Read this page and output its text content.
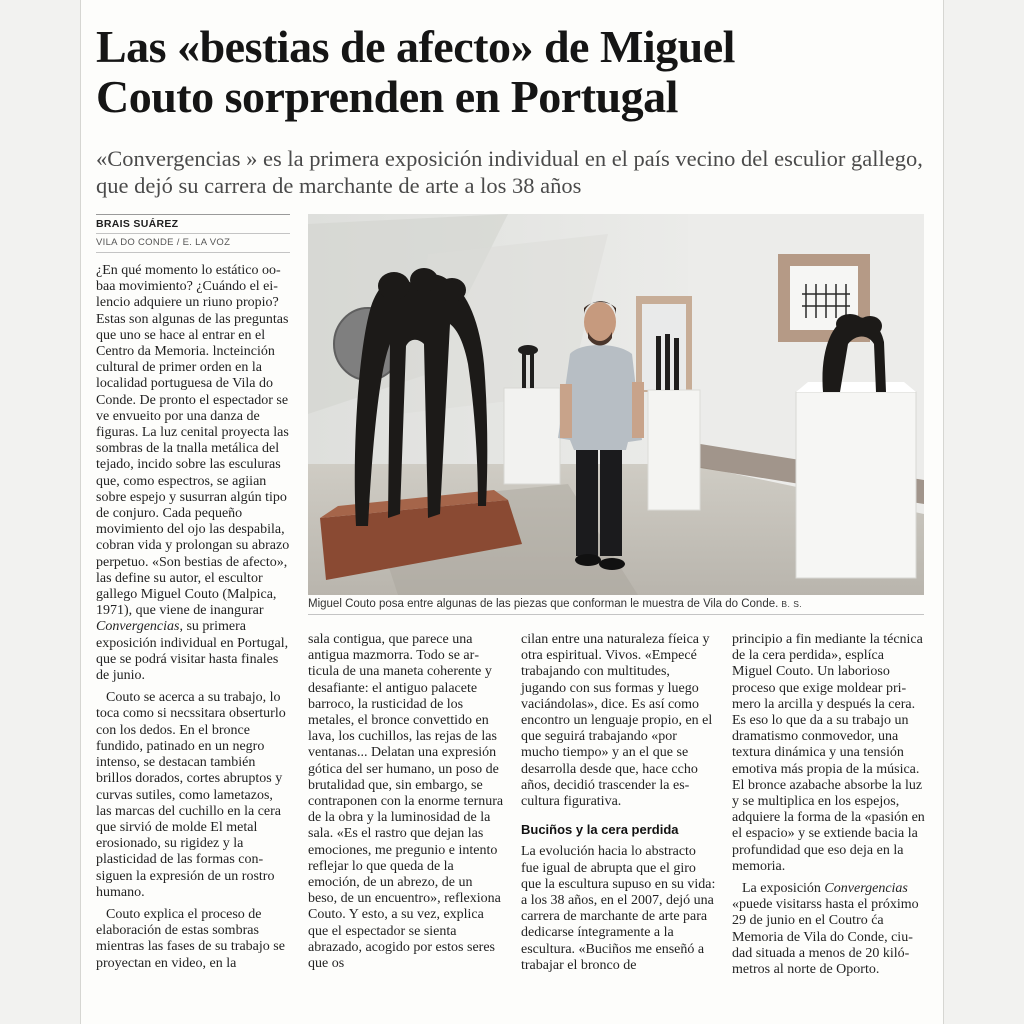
Las «bestias de afecto» de Miguel
Couto sorprenden en Portugal

«Convergencias » es la primera exposición individual en el país vecino del esculior gallego, que dejó su carrera de marchante de arte a los 38 años

BRAIS SUÁREZ
VILA DO CONDE / E. LA VOZ

¿En qué momento lo estático oobaa movimiento? ¿Cuándo el eilencio adquiere un riuno propio? Estas son algunas de las preguntas que uno se hace al entrar en el Centro da Memoria. lncteinción cultural de primer orden en la localidad portuguesa de Vila do Conde. De pronto el espectador se ve envueito por una danza de figuras. La luz cenital proyecta las sombras de la tnalla metálica del tejado, incido sobre las esculuras que, como espectros, se agiian sobre espejo y susurran algún tipo de conjuro. Cada pequeño movimiento del ojo las despabila, cobran vida y prolongan su abrazo perpetuo. «Son bestias de afecto», las define su autor, el escultor gallego Miguel Couto (Malpica, 1971), que viene de inangurar Convergencias, su primera exposición individual en Portugal, que se podrá visitar hasta finales de junio.

Couto se acerca a su trabajo, lo toca como si necssitara obserturlo con los dedos. En el bronce fundido, patinado en un negro intenso, se destacan también brillos dorados, cortes abruptos y curvas sutiles, como lametazos, las marcas del cuchillo en la cera que sirvió de molde El metal erosionado, su rigidez y la plasticidad de las formas consiguen la expresión de un rostro humano.

Couto explica el proceso de elaboración de estas sombras mientras las fases de su trabajo se proyectan en video, en la

Miguel Couto posa entre algunas de las piezas que conforman le muestra de Vila do Conde. B. S.

sala contigua, que parece una antigua mazmorra. Todo se articula de una maneta coherente y desafiante: el antiguo palacete barroco, la rusticidad de los metales, el bronce convettido en lava, los cuchillos, las rejas de las ventanas... Delatan una expresión gótica del ser humano, un poso de brutalidad que, sin embargo, se contraponen con la enorme ternura de la obra y la luminosidad de la sala. «Es el rastro que dejan las emociones, me pregunio e intento reflejar lo que queda de la emoción, de un abrezo, de un beso, de un encuentro», reflexiona Couto. Y esto, a su vez, explica que el espectador se sienta abrazado, acogido por estos seres que os

cilan entre una naturaleza fíeica y otra espiritual. Vivos. «Empecé trabajando con multitudes, jugando con sus formas y luego vaciándolas», dice. Es así como encontro un lenguaje propio, en el que seguirá trabajando «por mucho tiempo» y an el que se desarrolla desde que, hace ccho años, decidió trascender la escultura figurativa.

Buciños y la cera perdida

La evolución hacia lo abstracto fue igual de abrupta que el giro que la escultura supuso en su vida: a los 38 años, en el 2007, dejó una carrera de marchante de arte para dedicarse íntegramente a la escultura. «Buciños me enseñó a trabajar el bronco de

principio a fin mediante la técnica de la cera perdida», esplíca Miguel Couto. Un laborioso proceso que exige moldear primero la arcilla y después la cera. Es eso lo que da a su trabajo un dramatismo conmovedor, una textura dinámica y una tensión emotiva más propia de la música. El bronce azabache absorbe la luz y se multiplica en los espejos, adquiere la forma de la «pasión en el espacio» y se extiende bacia la profundidad que eso deja en la memoria.

La exposición Convergencias «puede visitarss hasta el próximo 29 de junio en el Coutro ća Memoria de Vila do Conde, ciudad situada a menos de 20 kilómetros al norte de Oporto.
